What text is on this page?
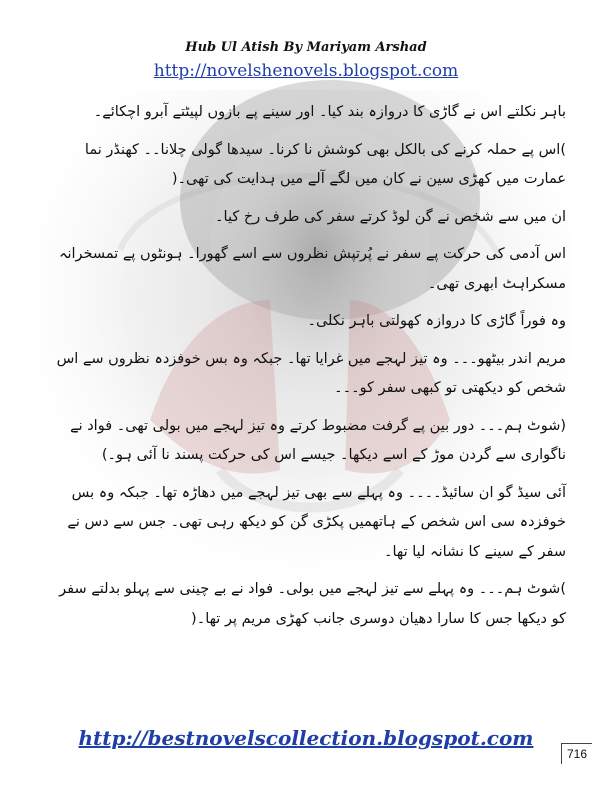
Hub Ul Atish By Mariyam Arshad
http://novelshenovels.blogspot.com

باہر نکلتے اس نے گاڑی کا دروازہ بند کیا۔ اور سینے پے بازوں لپیٹتے آبرو اچکائے۔

)اس پے حملہ کرنے کی بالکل بھی کوشش نا کرنا۔ سیدھا گولی چلانا۔۔ کھنڈر نما عمارت میں کھڑی سین نے کان میں لگے آلے میں ہدایت کی تھی۔(

ان میں سے شخص نے گن لوڈ کرتے سفر کی طرف رخ کیا۔

اس آدمی کی حرکت پے سفر نے پُرتپش نظروں سے اسے گھورا۔ ہونٹوں پے تمسخرانہ مسکراہٹ ابھری تھی۔

وہ فوراً گاڑی کا دروازہ کھولتی باہر نکلی۔

مریم اندر بیٹھو۔۔۔ وہ تیز لہجے میں غرایا تھا۔ جبکہ وہ بس خوفزدہ نظروں سے اس شخص کو دیکھتی تو کبھی سفر کو۔۔۔

(شوٹ ہم۔۔۔ دور بین پے گرفت مضبوط کرتے وہ تیز لہجے میں بولی تھی۔ فواد نے ناگواری سے گردن موڑ کے اسے دیکھا۔ جیسے اس کی حرکت پسند نا آئی ہو۔)

آئی سیڈ گو ان سائیڈ۔۔۔۔ وہ پہلے سے بھی تیز لہجے میں دھاڑہ تھا۔ جبکہ وہ بس خوفزدہ سی اس شخص کے ہاتھمیں پکڑی گن کو دیکھ رہی تھی۔ جس سے دس نے سفر کے سینے کا نشانہ لیا تھا۔

)شوٹ ہم۔۔۔ وہ پہلے سے تیز لہجے میں بولی۔ فواد نے بے چینی سے پہلو بدلتے سفر کو دیکھا جس کا سارا دھیان دوسری جانب کھڑی مریم پر تھا۔(

http://bestnovelscollection.blogspot.com
716
